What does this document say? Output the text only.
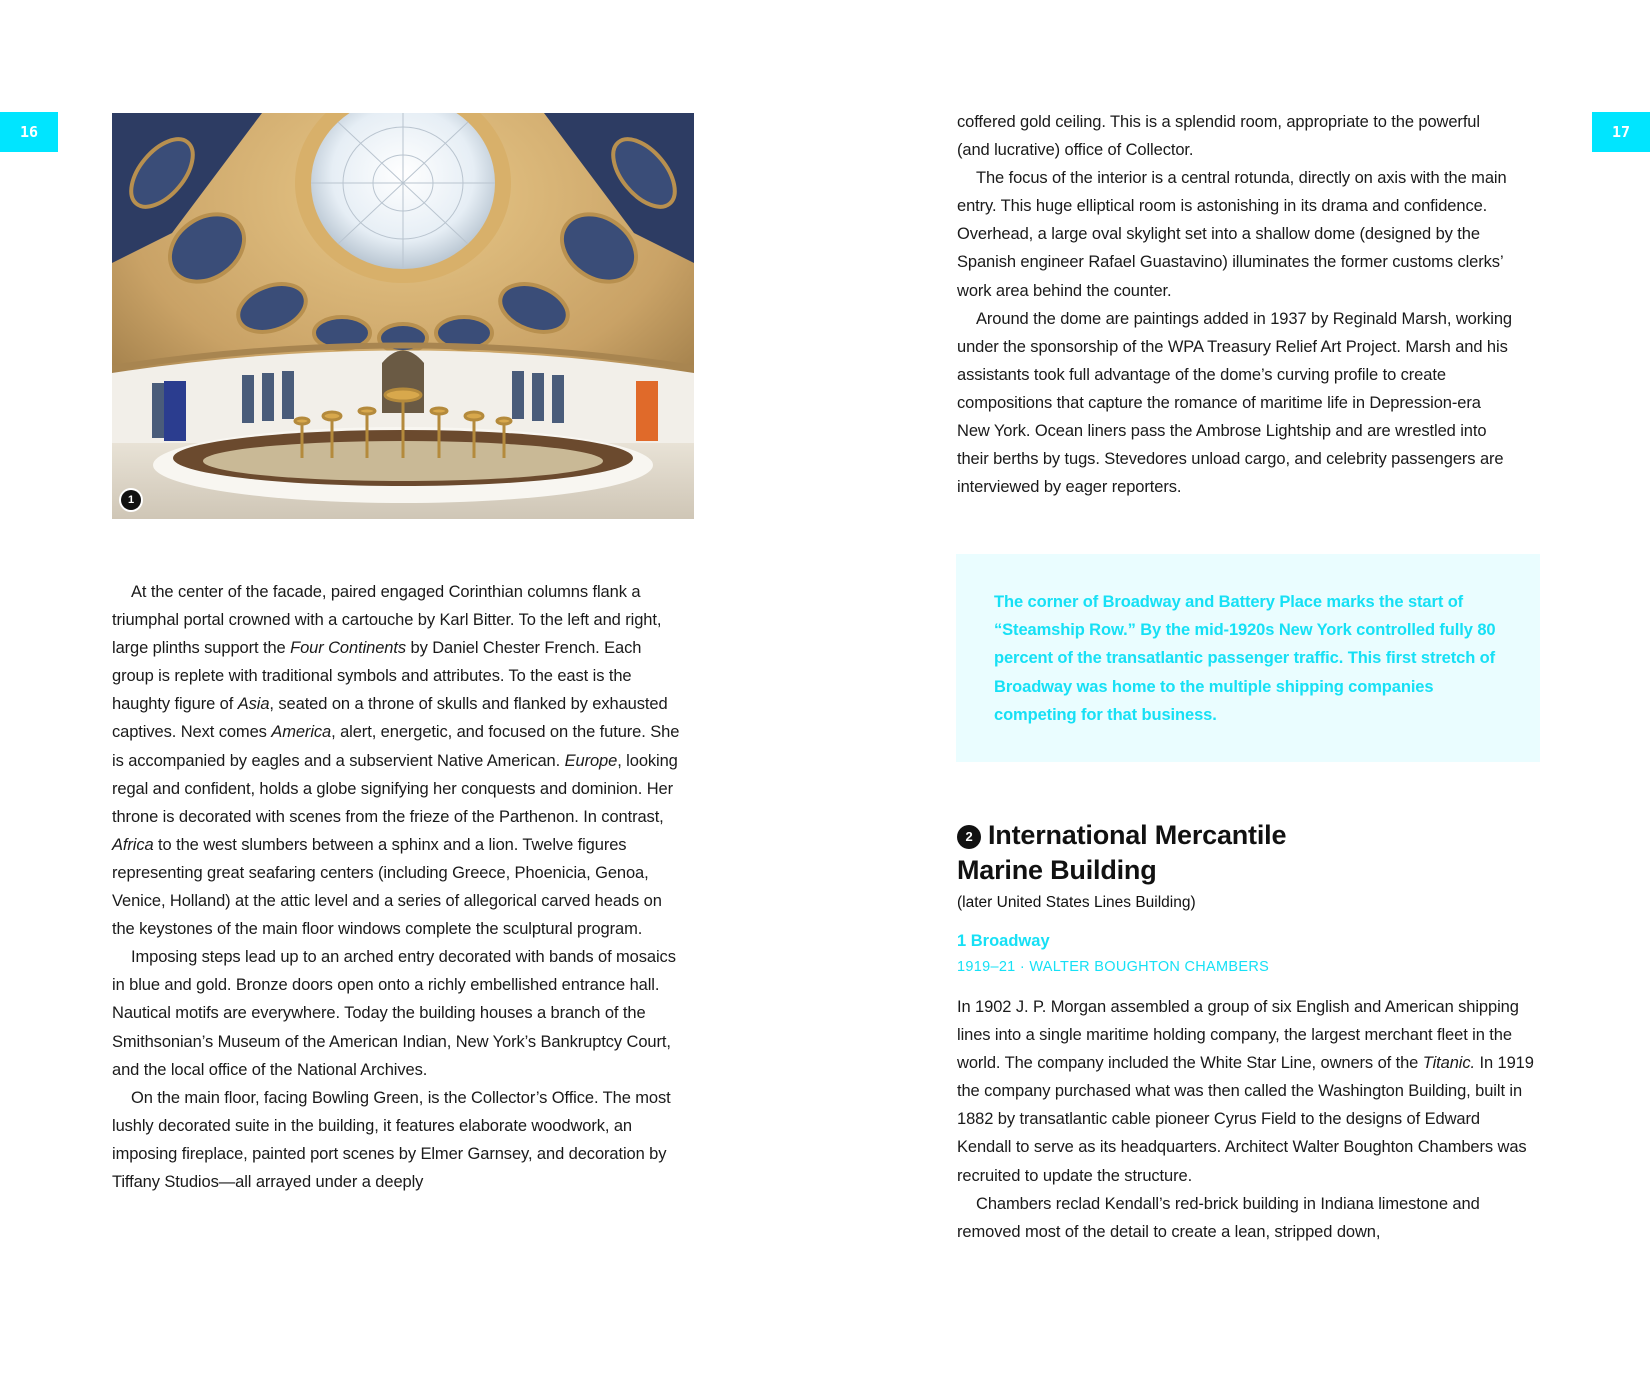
16	17
1

At the center of the facade, paired engaged Corinthian columns flank a triumphal portal crowned with a cartouche by Karl Bitter. To the left and right, large plinths support the Four Continents by Daniel Chester French. Each group is replete with traditional symbols and attributes. To the east is the haughty figure of Asia, seated on a throne of skulls and flanked by exhausted captives. Next comes America, alert, energetic, and focused on the future. She is accompanied by eagles and a subservient Native American. Europe, looking regal and confident, holds a globe signifying her conquests and dominion. Her throne is decorated with scenes from the frieze of the Parthenon. In contrast, Africa to the west slumbers between a sphinx and a lion. Twelve figures representing great seafaring centers (including Greece, Phoenicia, Genoa, Venice, Holland) at the attic level and a series of allegorical carved heads on the keystones of the main floor windows complete the sculptural program.

Imposing steps lead up to an arched entry decorated with bands of mosaics in blue and gold. Bronze doors open onto a richly embellished entrance hall. Nautical motifs are everywhere. Today the building houses a branch of the Smithsonian’s Museum of the American Indian, New York’s Bankruptcy Court, and the local office of the National Archives.

On the main floor, facing Bowling Green, is the Collector’s Office. The most lushly decorated suite in the building, it features elaborate woodwork, an imposing fireplace, painted port scenes by Elmer Garnsey, and decoration by Tiffany Studios—all arrayed under a deeply

coffered gold ceiling. This is a splendid room, appropriate to the powerful (and lucrative) office of Collector.

The focus of the interior is a central rotunda, directly on axis with the main entry. This huge elliptical room is astonishing in its drama and confidence. Overhead, a large oval skylight set into a shallow dome (designed by the Spanish engineer Rafael Guastavino) illuminates the former customs clerks’ work area behind the counter.

Around the dome are paintings added in 1937 by Reginald Marsh, working under the sponsorship of the WPA Treasury Relief Art Project. Marsh and his assistants took full advantage of the dome’s curving profile to create compositions that capture the romance of maritime life in Depression-era New York. Ocean liners pass the Ambrose Lightship and are wrestled into their berths by tugs. Stevedores unload cargo, and celebrity passengers are interviewed by eager reporters.

The corner of Broadway and Battery Place marks the start of “Steamship Row.” By the mid-1920s New York controlled fully 80 percent of the transatlantic passenger traffic. This first stretch of Broadway was home to the multiple shipping companies competing for that business.

2 International Mercantile
Marine Building
(later United States Lines Building)
1 Broadway
1919–21 · WALTER BOUGHTON CHAMBERS

In 1902 J. P. Morgan assembled a group of six English and American shipping lines into a single maritime holding company, the largest merchant fleet in the world. The company included the White Star Line, owners of the Titanic. In 1919 the company purchased what was then called the Washington Building, built in 1882 by transatlantic cable pioneer Cyrus Field to the designs of Edward Kendall to serve as its headquarters. Architect Walter Boughton Chambers was recruited to update the structure.

Chambers reclad Kendall’s red-brick building in Indiana limestone and removed most of the detail to create a lean, stripped down,
